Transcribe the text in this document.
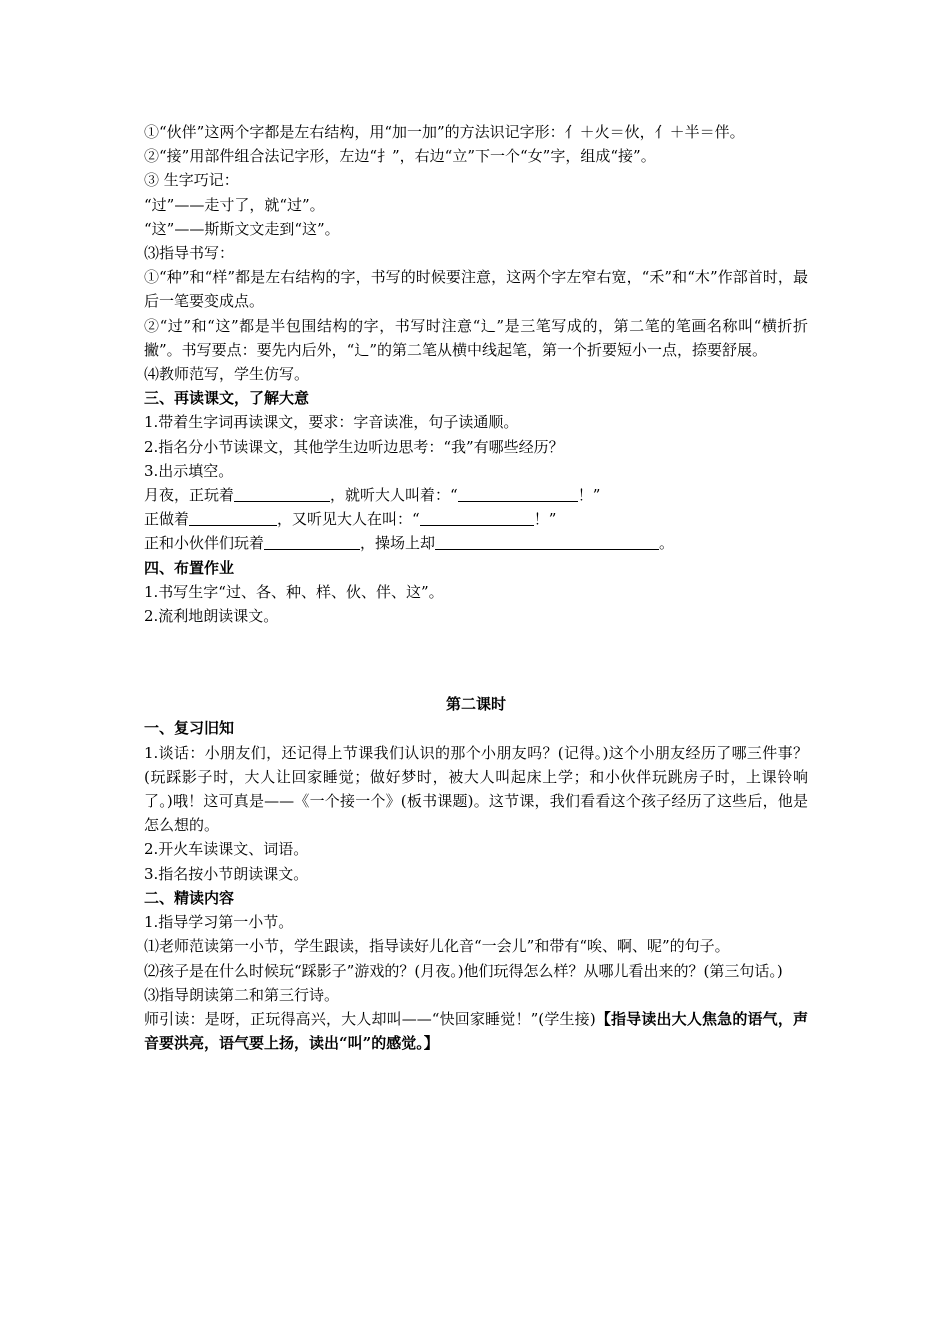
①“伙伴”这两个字都是左右结构，用“加一加”的方法识记字形：亻＋火＝伙，亻＋半＝伴。

②“接”用部件组合法记字形，左边“扌”，右边“立”下一个“女”字，组成“接”。

③ 生字巧记：

“过”——走寸了，就“过”。

“这”——斯斯文文走到“这”。

⑶指导书写：

①“种”和“样”都是左右结构的字，书写的时候要注意，这两个字左窄右宽，“禾”和“木”作部首时，最后一笔要变成点。

②“过”和“这”都是半包围结构的字，书写时注意“辶”是三笔写成的，第二笔的笔画名称叫“横折折撇”。书写要点：要先内后外，“辶”的第二笔从横中线起笔，第一个折要短小一点，捺要舒展。

⑷教师范写，学生仿写。

三、再读课文，了解大意

1.带着生字词再读课文，要求：字音读准，句子读通顺。

2.指名分小节读课文，其他学生边听边思考：“我”有哪些经历？

3.出示填空。

月夜，正玩着	，就听大人叫着：“	！”

正做着	，又听见大人在叫：“	！”

正和小伙伴们玩着	，操场上却	。

四、布置作业

1.书写生字“过、各、种、样、伙、伴、这”。

2.流利地朗读课文。

第二课时

一、复习旧知

1.谈话：小朋友们，还记得上节课我们认识的那个小朋友吗？(记得。)这个小朋友经历了哪三件事？(玩踩影子时，大人让回家睡觉；做好梦时，被大人叫起床上学；和小伙伴玩跳房子时，上课铃响了。)哦！这可真是——《一个接一个》(板书课题)。这节课，我们看看这个孩子经历了这些后，他是怎么想的。

2.开火车读课文、词语。

3.指名按小节朗读课文。

二、精读内容

1.指导学习第一小节。

⑴老师范读第一小节，学生跟读，指导读好儿化音“一会儿”和带有“唉、啊、呢”的句子。

⑵孩子是在什么时候玩“踩影子”游戏的？(月夜。)他们玩得怎么样？从哪儿看出来的？(第三句话。)

⑶指导朗读第二和第三行诗。

师引读：是呀，正玩得高兴，大人却叫——“快回家睡觉！”(学生接)【指导读出大人焦急的语气，声音要洪亮，语气要上扬，读出“叫”的感觉。】
